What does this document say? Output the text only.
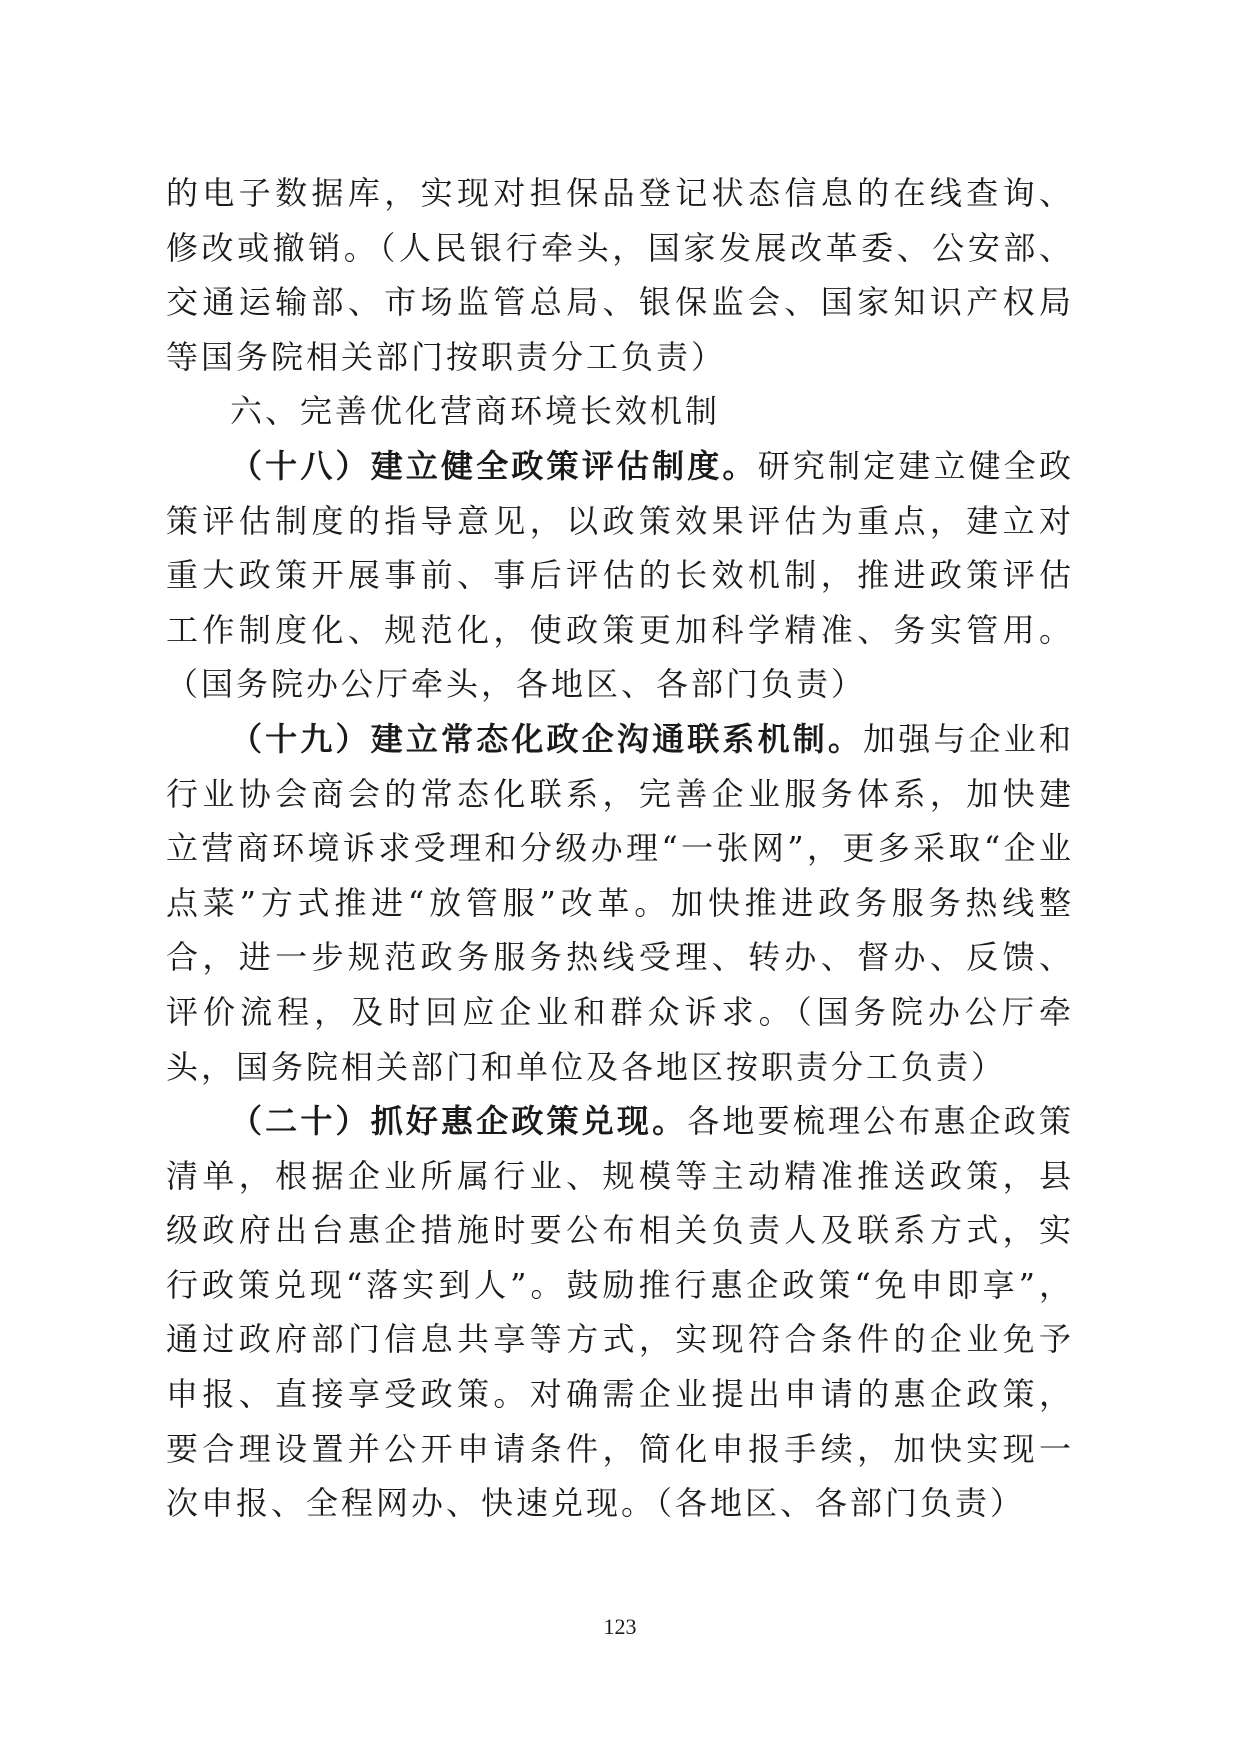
的电子数据库，实现对担保品登记状态信息的在线查询、修改或撤销。（人民银行牵头，国家发展改革委、公安部、交通运输部、市场监管总局、银保监会、国家知识产权局等国务院相关部门按职责分工负责）

六、完善优化营商环境长效机制

（十八）建立健全政策评估制度。研究制定建立健全政策评估制度的指导意见，以政策效果评估为重点，建立对重大政策开展事前、事后评估的长效机制，推进政策评估工作制度化、规范化，使政策更加科学精准、务实管用。（国务院办公厅牵头，各地区、各部门负责）

（十九）建立常态化政企沟通联系机制。加强与企业和行业协会商会的常态化联系，完善企业服务体系，加快建立营商环境诉求受理和分级办理“一张网”，更多采取“企业点菜”方式推进“放管服”改革。加快推进政务服务热线整合，进一步规范政务服务热线受理、转办、督办、反馈、评价流程，及时回应企业和群众诉求。（国务院办公厅牵头，国务院相关部门和单位及各地区按职责分工负责）

（二十）抓好惠企政策兑现。各地要梳理公布惠企政策清单，根据企业所属行业、规模等主动精准推送政策，县级政府出台惠企措施时要公布相关负责人及联系方式，实行政策兑现“落实到人”。鼓励推行惠企政策“免申即享”，通过政府部门信息共享等方式，实现符合条件的企业免予申报、直接享受政策。对确需企业提出申请的惠企政策，要合理设置并公开申请条件，简化申报手续，加快实现一次申报、全程网办、快速兑现。（各地区、各部门负责）

123
